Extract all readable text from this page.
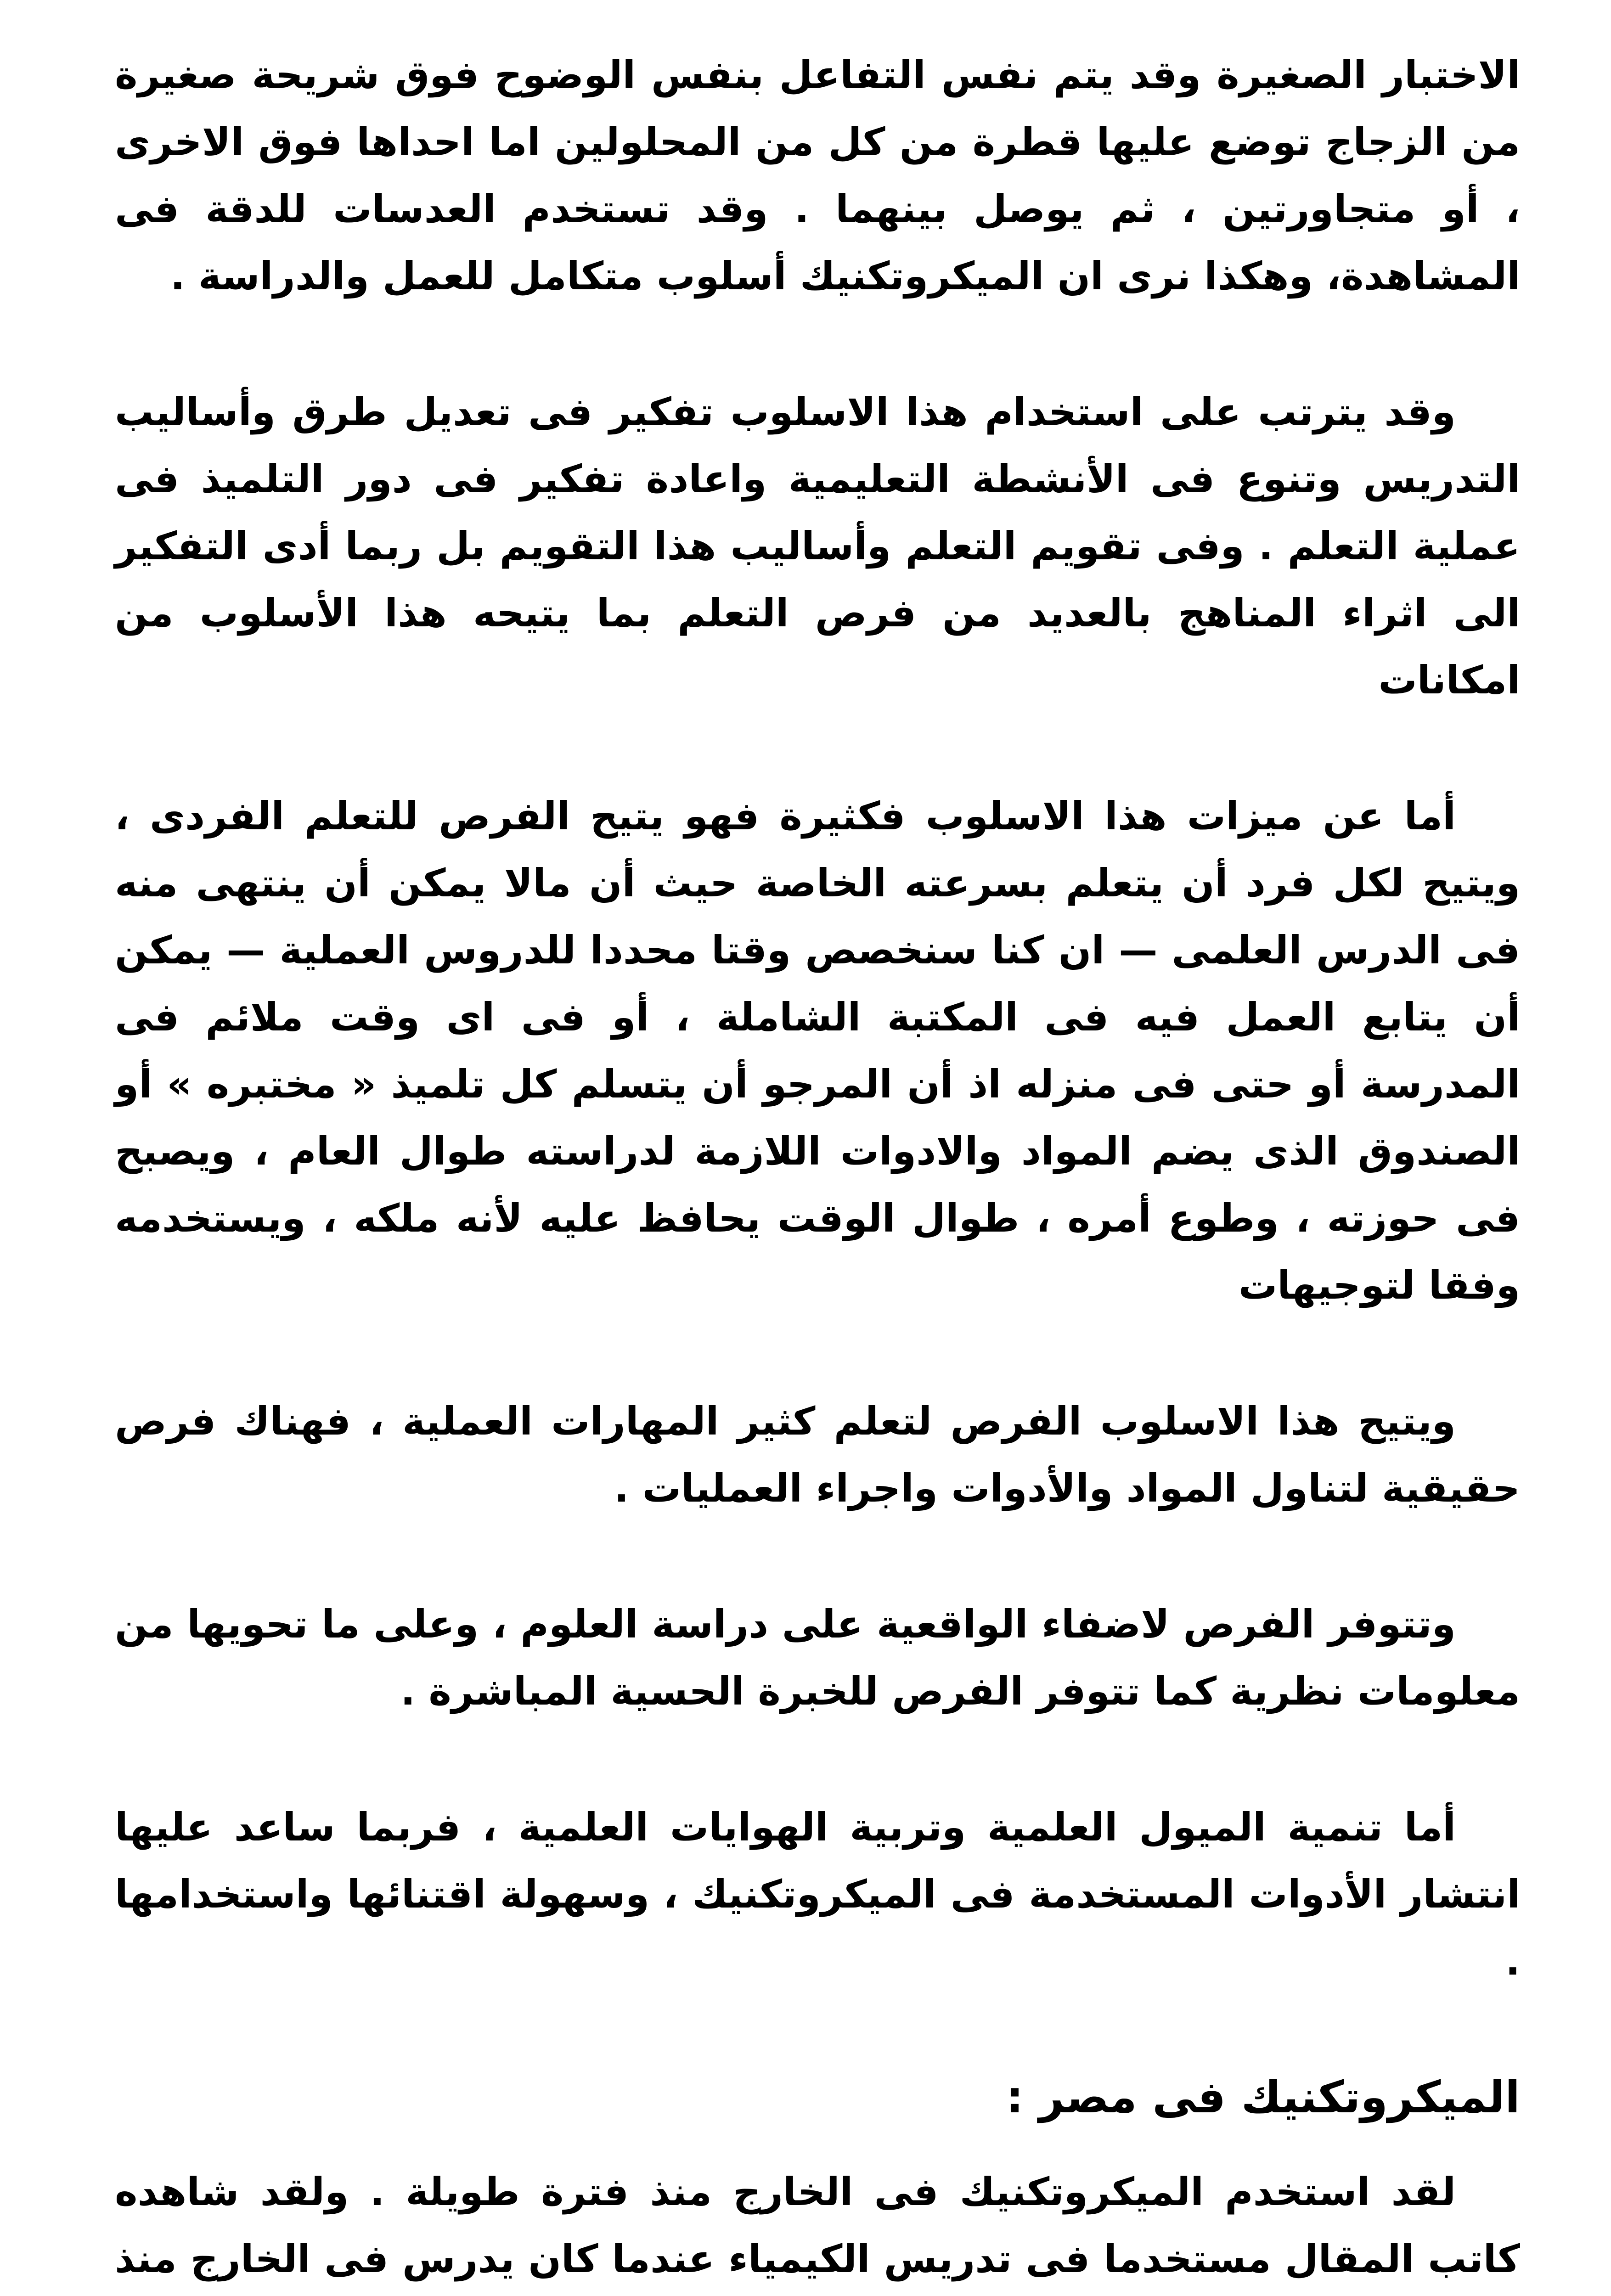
الاختبار الصغيرة وقد يتم نفس التفاعل بنفس الوضوح فوق شريحة صغيرة من الزجاج توضع عليها قطرة من كل من المحلولين اما احداها فوق الاخرى ، أو متجاورتين ، ثم يوصل بينهما . وقد تستخدم العدسات للدقة فى المشاهدة، وهكذا نرى ان الميكروتكنيك أسلوب متكامل للعمل والدراسة .

وقد يترتب على استخدام هذا الاسلوب تفكير فى تعديل طرق وأساليب التدريس وتنوع فى الأنشطة التعليمية واعادة تفكير فى دور التلميذ فى عملية التعلم . وفى تقويم التعلم وأساليب هذا التقويم بل ربما أدى التفكير الى اثراء المناهج بالعديد من فرص التعلم بما يتيحه هذا الأسلوب من امكانات

أما عن ميزات هذا الاسلوب فكثيرة فهو يتيح الفرص للتعلم الفردى ، ويتيح لكل فرد أن يتعلم بسرعته الخاصة حيث أن مالا يمكن أن ينتهى منه فى الدرس العلمى — ان كنا سنخصص وقتا محددا للدروس العملية — يمكن أن يتابع العمل فيه فى المكتبة الشاملة ، أو فى اى وقت ملائم فى المدرسة أو حتى فى منزله اذ أن المرجو أن يتسلم كل تلميذ « مختبره » أو الصندوق الذى يضم المواد والادوات اللازمة لدراسته طوال العام ، ويصبح فى حوزته ، وطوع أمره ، طوال الوقت يحافظ عليه لأنه ملكه ، ويستخدمه وفقا لتوجيهات

ويتيح هذا الاسلوب الفرص لتعلم كثير المهارات العملية ، فهناك فرص حقيقية لتناول المواد والأدوات واجراء العمليات .

وتتوفر الفرص لاضفاء الواقعية على دراسة العلوم ، وعلى ما تحويها من معلومات نظرية كما تتوفر الفرص للخبرة الحسية المباشرة .

أما تنمية الميول العلمية وتربية الهوايات العلمية ، فربما ساعد عليها انتشار الأدوات المستخدمة فى الميكروتكنيك ، وسهولة اقتنائها واستخدامها .

الميكروتكنيك فى مصر :

لقد استخدم الميكروتكنيك فى الخارج منذ فترة طويلة . ولقد شاهده كاتب المقال مستخدما فى تدريس الكيمياء عندما كان يدرس فى الخارج منذ
